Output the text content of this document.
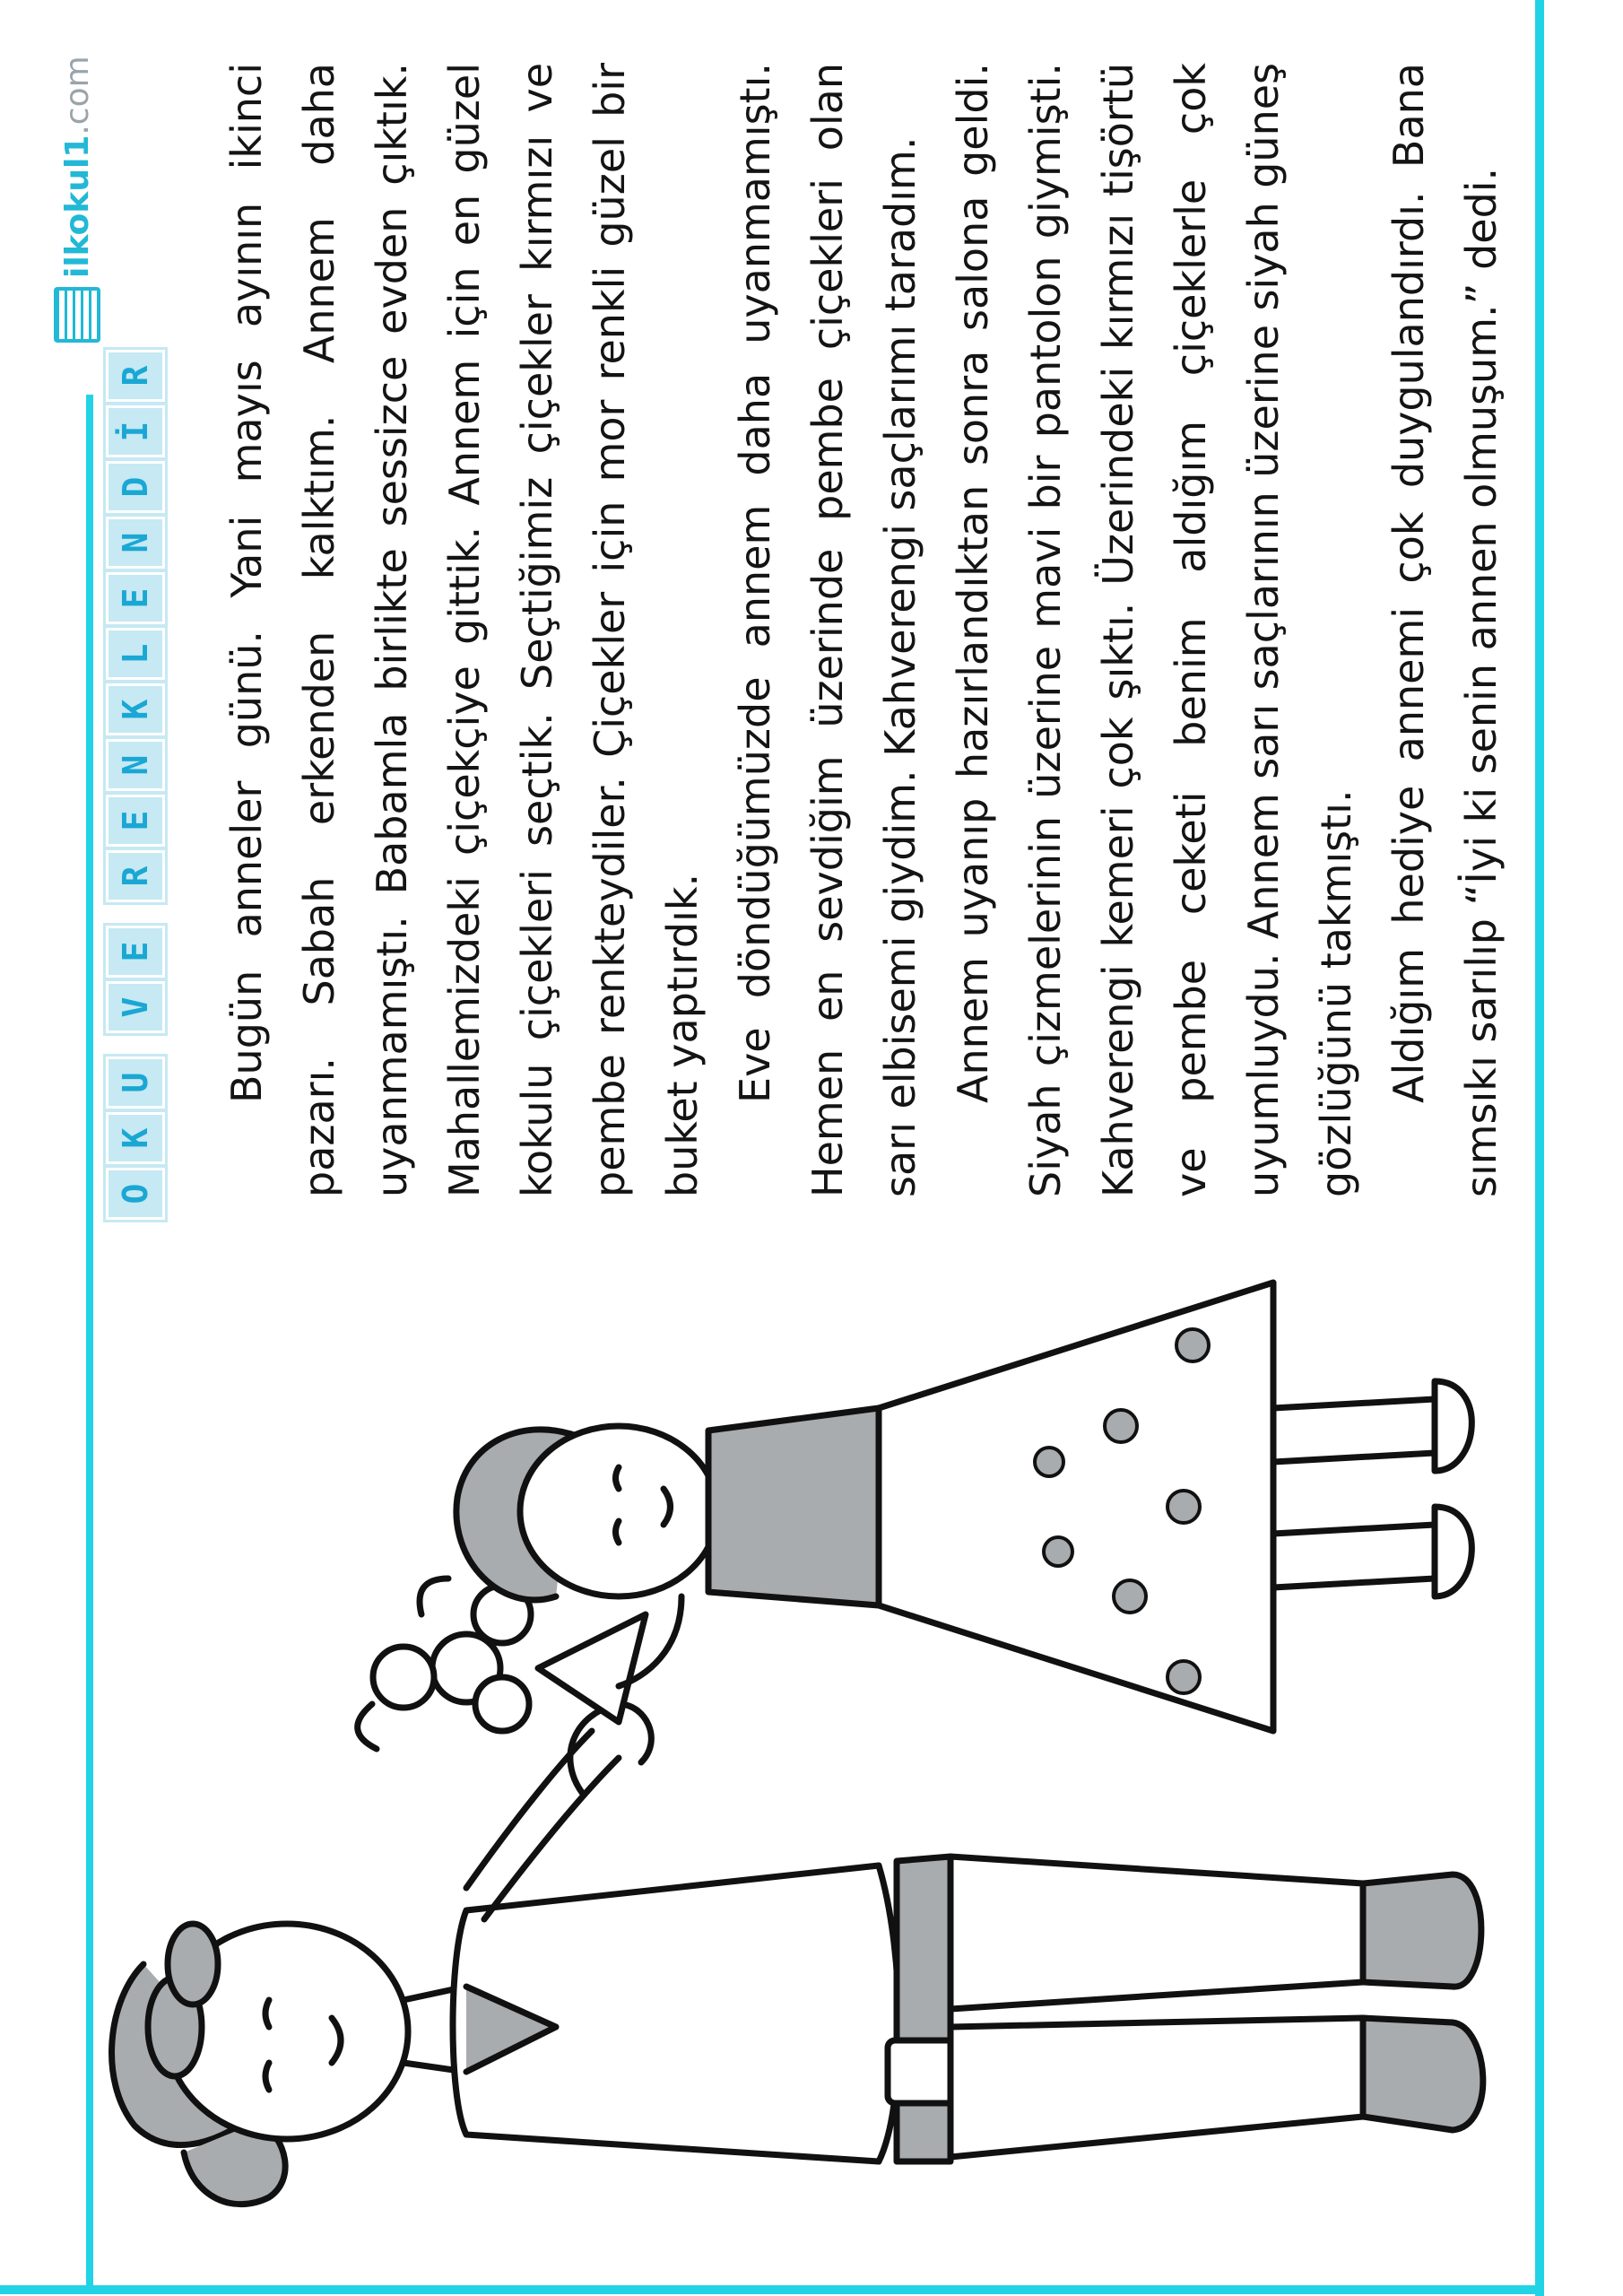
ilkokul1.com
O
K
U
V
E
R
E
N
K
L
E
N
D
İ
R Bugün anneler günü. Yani mayıs ayının ikinci pazarı. Sabah erkenden kalktım. Annem daha uyanmamıştı. Babamla birlikte sessizce evden çıktık. Mahallemizdeki çiçekçiye gittik. Annem için en güzel kokulu çiçekleri seçtik. Seçtiğimiz çiçekler kırmızı ve pembe renkteydiler. Çiçekler için mor renkli güzel bir buket yaptırdık. Eve döndüğümüzde annem daha uyanmamıştı. Hemen en sevdiğim üzerinde pembe çiçekleri olan sarı elbisemi giydim. Kahverengi saçlarımı taradım. Annem uyanıp hazırlandıktan sonra salona geldi. Siyah çizmelerinin üzerine mavi bir pantolon giymişti. Kahverengi kemeri çok şıktı. Üzerindeki kırmızı tişörtü ve pembe ceketi benim aldığım çiçeklerle çok uyumluydu. Annem sarı saçlarının üzerine siyah güneş gözlüğünü takmıştı. Aldığım hediye annemi çok duygulandırdı. Bana sımsıkı sarılıp “İyi ki senin annen olmuşum.” dedi.
